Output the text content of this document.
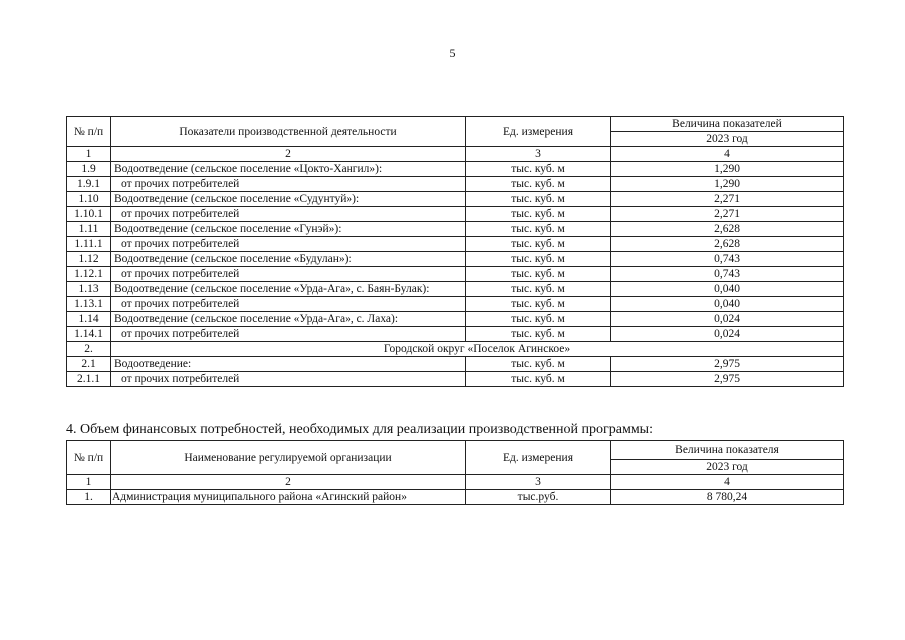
5
№ п/п	Показатели производственной деятельности	Ед. измерения	Величина показателей
			2023 год
1	2	3	4
1.9	Водоотведение (сельское поселение «Цокто-Хангил»):	тыс. куб. м	1,290
1.9.1	от прочих потребителей	тыс. куб. м	1,290
1.10	Водоотведение (сельское поселение «Судунтуй»):	тыс. куб. м	2,271
1.10.1	от прочих потребителей	тыс. куб. м	2,271
1.11	Водоотведение (сельское поселение «Гунэй»):	тыс. куб. м	2,628
1.11.1	от прочих потребителей	тыс. куб. м	2,628
1.12	Водоотведение (сельское поселение «Будулан»):	тыс. куб. м	0,743
1.12.1	от прочих потребителей	тыс. куб. м	0,743
1.13	Водоотведение (сельское поселение «Урда-Ага», с. Баян-Булак):	тыс. куб. м	0,040
1.13.1	от прочих потребителей	тыс. куб. м	0,040
1.14	Водоотведение (сельское поселение «Урда-Ага», с. Лаха):	тыс. куб. м	0,024
1.14.1	от прочих потребителей	тыс. куб. м	0,024
2.	Городской округ «Поселок Агинское»		
2.1	Водоотведение:	тыс. куб. м	2,975
2.1.1	от прочих потребителей	тыс. куб. м	2,975
4. Объем финансовых потребностей, необходимых для реализации производственной программы:
№ п/п	Наименование регулируемой организации	Ед. измерения	Величина показателя
			2023 год
1	2	3	4
1.	Администрация муниципального района «Агинский район»	тыс.руб.	8 780,24
